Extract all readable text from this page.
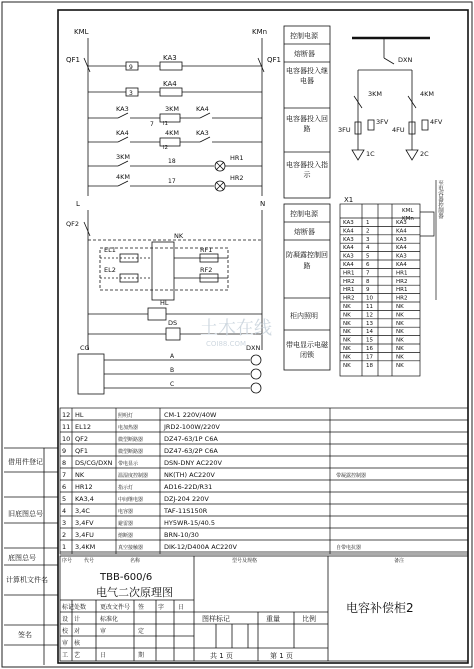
借用件登记
旧底图总号
底图总号
签名
计算机文件名
KML
QF1
KMn
QF1
9
KA3
3
KA4
KA3	3KM	KA4
7
KA4	4KM	KA3
l1
l2
3KM
18	HR1
4KM
17	HR2
L	N
QF2
NK
EL1
EL2
RF1
RF2
HL
DS
CG	DXN
A
B
C
控制电源
熔断器
电容器投入继电器
电容器投入回路
电容器投入指示
控制电源
熔断器
防凝露控制回路
柜内照明
带电显示电磁闭锁
DXN
3KM	4KM
3FU	4FU
3FV	4FV
1C	2C
X1
KML
KMn
KA3 1	KA3
KA4 2	KA4
KA3 3	KA3
KA4 4	KA4
KA3 5	KA3
KA4 6	KA4
HR1 7	HR1
HR2 8	HR2
HR1 9	HR1
HR2 10	HR2
NK	11	NK
NK	12	NK
NK	13	NK
NK	14	NK
NK	15	NK
NK	16	NK
NK	17	NK
NK	18	NK
至电容器控制器
土木在线
COI88.COM
12 HL	照明灯	CM-1 220V/40W
11 EL12	电加热器	JRD2-100W/220V
10 QF2	微型断路器	DZ47-63/1P C6A
9 QF1	微型断路器	DZ47-63/2P C6A
8 DS/CG/DXN 带电显示	DSN-DNY AC220V
7 NK	温湿度控制器 NK(TH) AC220V	带凝露控制器
6 HR12	指示灯	AD16-22D/R31
5 KA3,4	中间继电器	DZJ-204 220V
4 3,4C	电容器	TAF-11S150R
3 3,4FV	避雷器	HY5WR-15/40.5
2 3,4FU	熔断器	BRN-10/30
1 3,4KM	真空接触器	DIK-12/D400A AC220V	自带电抗器
序号 代号	名称	型号及规格	备注
TBB-600/6
电气二次原理图
电容补偿柜2
图样标记	重量	比例
共 1 页	第 1 页
标记 处数 更改文件号 签 字 日
设 计	标准化
校 对	审	定
审 核
工 艺	日	期
